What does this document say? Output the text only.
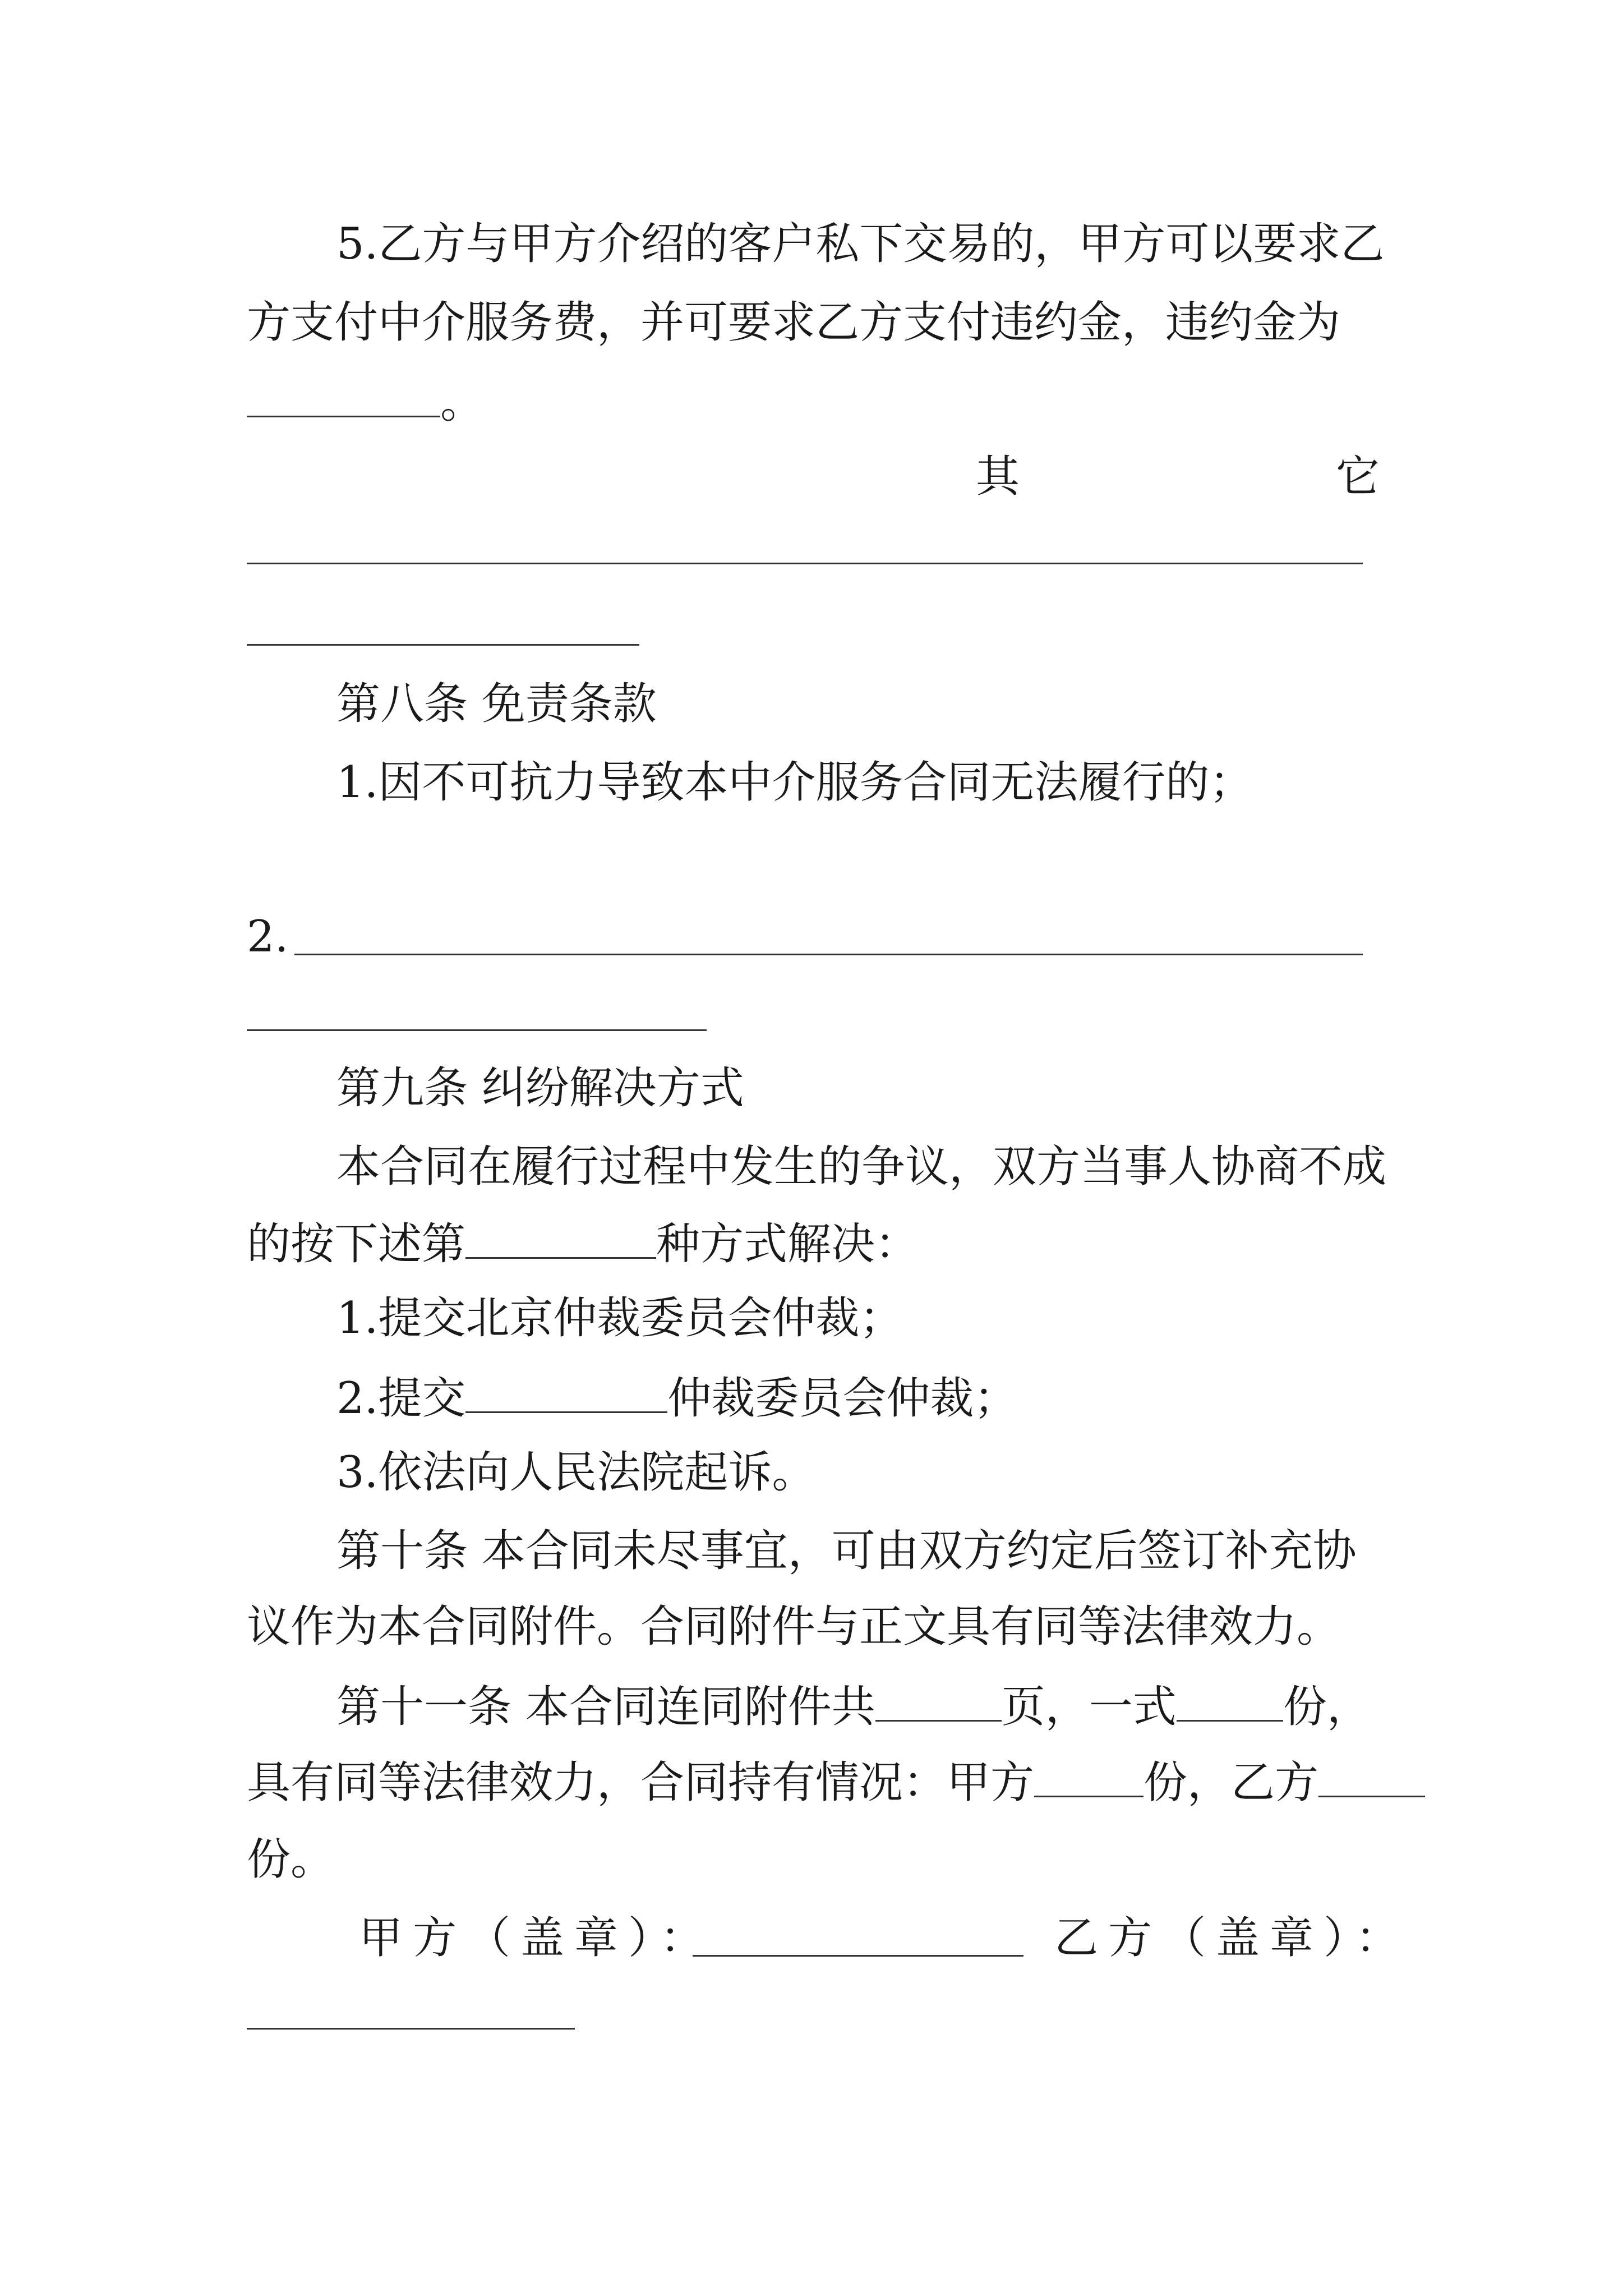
5.乙方与甲方介绍的客户私下交易的，甲方可以要求乙
方支付中介服务费，并可要求乙方支付违约金，违约金为
。
其	它
第八条 免责条款
1.因不可抗力导致本中介服务合同无法履行的；
2.
第九条 纠纷解决方式
本合同在履行过程中发生的争议，双方当事人协商不成
的按下述第	种方式解决：
1.提交北京仲裁委员会仲裁；
2.提交	仲裁委员会仲裁；
3.依法向人民法院起诉。
第十条 本合同未尽事宜，可由双方约定后签订补充协
议作为本合同附件。合同附件与正文具有同等法律效力。
第十一条 本合同连同附件共	页，一式 份，
具有同等法律效力，合同持有情况：甲方	份，乙方
份。
甲方（盖章）：	乙方（盖章）：
